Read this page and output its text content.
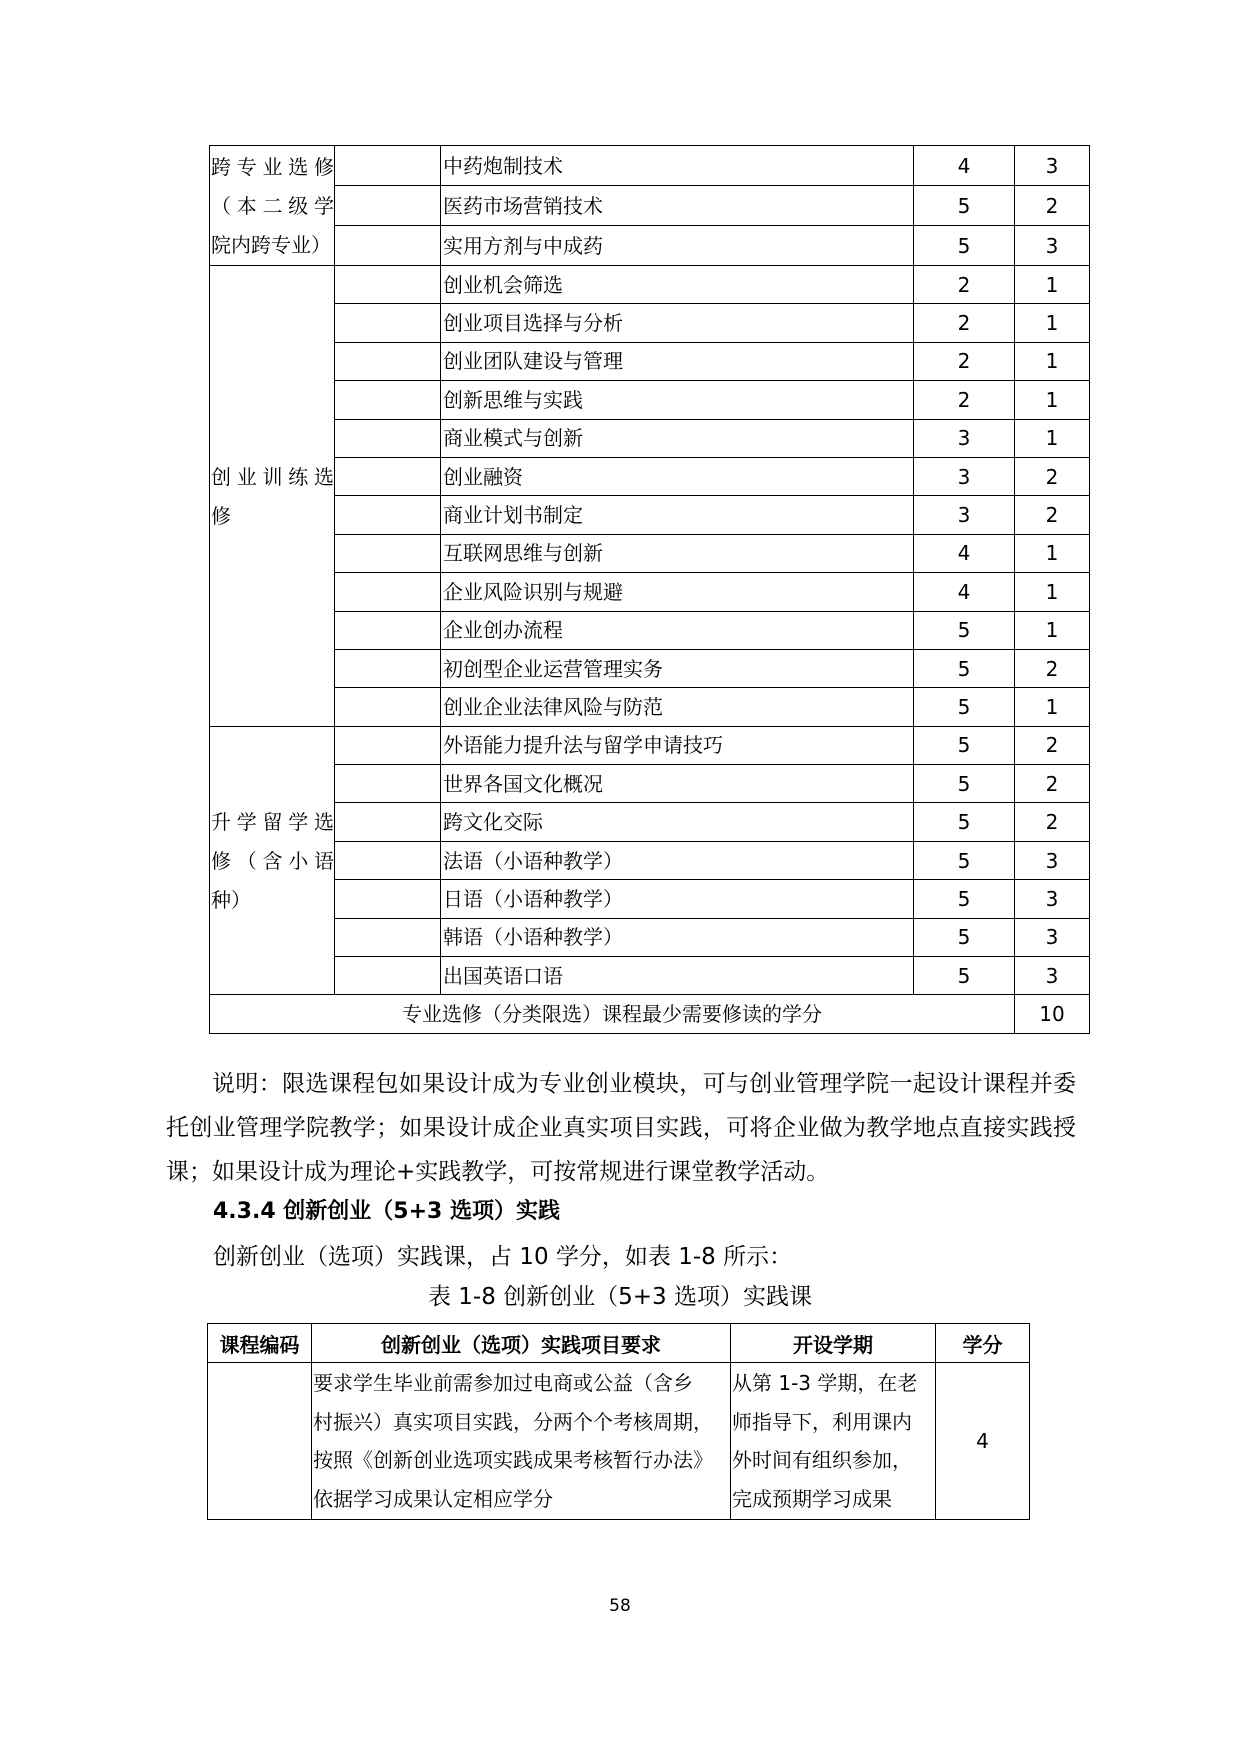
跨专业选修
（本二级学
院内跨专业）		中药炮制技术	4	3
		医药市场营销技术	5	2
		实用方剂与中成药	5	3

创业训练选
修		创业机会筛选	2	1
		创业项目选择与分析	2	1
		创业团队建设与管理	2	1
		创新思维与实践	2	1
		商业模式与创新	3	1
		创业融资	3	2
		商业计划书制定	3	2
		互联网思维与创新	4	1
		企业风险识别与规避	4	1
		企业创办流程	5	1
		初创型企业运营管理实务	5	2
		创业企业法律风险与防范	5	1

升学留学选
修（含小语
种）		外语能力提升法与留学申请技巧	5	2
		世界各国文化概况	5	2
		跨文化交际	5	2
		法语（小语种教学）	5	3
		日语（小语种教学）	5	3
		韩语（小语种教学）	5	3
		出国英语口语	5	3
专业选修（分类限选）课程最少需要修读的学分				10
说明：限选课程包如果设计成为专业创业模块，可与创业管理学院一起设计课程并委托创业管理学院教学；如果设计成企业真实项目实践，可将企业做为教学地点直接实践授课；如果设计成为理论+实践教学，可按常规进行课堂教学活动。
4.3.4 创新创业（5+3 选项）实践
创新创业（选项）实践课，占 10 学分，如表 1-8 所示：
表 1-8 创新创业（5+3 选项）实践课
课程编码	创新创业（选项）实践项目要求	开设学期	学分

	要求学生毕业前需参加过电商或公益（含乡
村振兴）真实项目实践，分两个个考核周期，
按照《创新创业选项实践成果考核暂行办法》
依据学习成果认定相应学分	从第 1-3 学期，在老
师指导下，利用课内
外时间有组织参加，
完成预期学习成果	4
58
